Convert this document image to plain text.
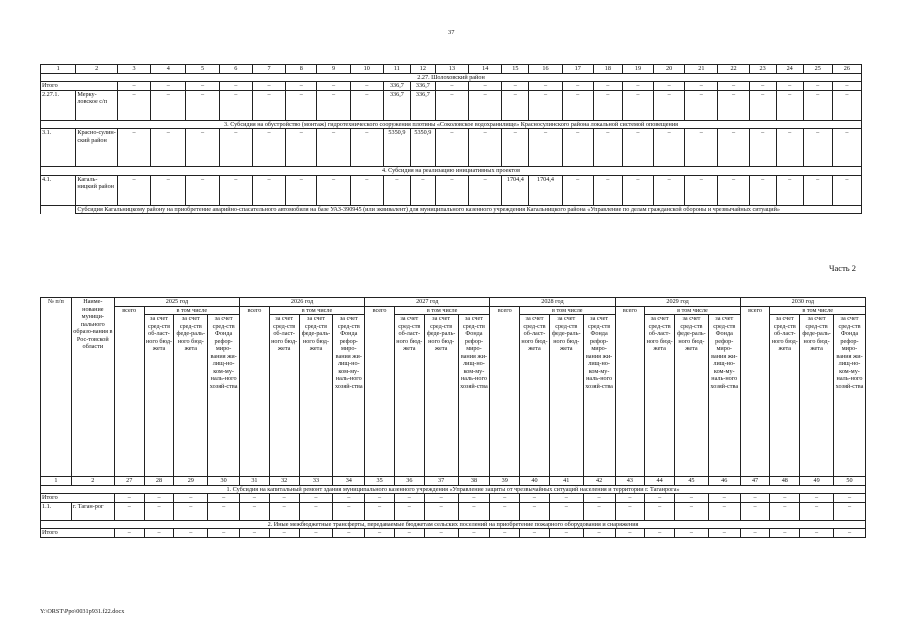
37
1	2	3	4	5	6	7	8	9	10	11	12	13	14	15	16	17	18	19	20	21	22	23	24	25	26
2.27. Шолоховский район																									
Итого		–	–	–	–	–	–	–	–	336,7	336,7	–	–	–	–	–	–	–	–	–	–	–	–	–	–
2.27.1.	Мерку-ловское с/п	–	–	–	–	–	–	–	–	336,7	336,7	–	–	–	–	–	–	–	–	–	–	–	–	–	–
3. Субсидия на обустройство (монтаж) гидротехнического сооружения плотины «Соколовское водохранилище» Красносулинского района локальной системой оповещения																									
3.1.	Красно-сулин-ский район	–	–	–	–	–	–	–	–	5350,9	5350,9	–	–	–	–	–	–	–	–	–	–	–	–	–	–
4. Субсидия на реализацию инициативных проектов																									
4.1.	Кагаль-ницкий район	–	–	–	–	–	–	–	–	–	–	–	–	1704,4	1704,4	–	–	–	–	–	–	–	–	–	–
	Субсидия Кагальницкому району на приобретение аварийно-спасательного автомобиля на базе УАЗ-390945 (или эквивалент) для муниципального казенного учреждения Кагальницкого района «Управление по делам гражданской обороны и чрезвычайных ситуаций»																								
Часть 2
№ п/п	Наиме-нование муници-пального образо-вания в Рос-товской области	2025 год				2026 год				2027 год				2028 год				2029 год				2030 год			
		всего	в том числе			всего	в том числе			всего	в том числе			всего	в том числе			всего	в том числе			всего	в том числе		
			за счет сред-ств об-ласт-ного бюд-жета	за счет сред-ств феде-раль-ного бюд-жета	за счет сред-ств Фонда рефор-миро-вания жи-лищ-но-ком-му-наль-ного хозяй-ства		за счет сред-ств об-ласт-ного бюд-жета	за счет сред-ств феде-раль-ного бюд-жета	за счет сред-ств Фонда рефор-миро-вания жи-лищ-но-ком-му-наль-ного хозяй-ства		за счет сред-ств об-ласт-ного бюд-жета	за счет сред-ств феде-раль-ного бюд-жета	за счет сред-ств Фонда рефор-миро-вания жи-лищ-но-ком-му-наль-ного хозяй-ства		за счет сред-ств об-ласт-ного бюд-жета	за счет сред-ств феде-раль-ного бюд-жета	за счет сред-ств Фонда рефор-миро-вания жи-лищ-но-ком-му-наль-ного хозяй-ства		за счет сред-ств об-ласт-ного бюд-жета	за счет сред-ств феде-раль-ного бюд-жета	за счет сред-ств Фонда рефор-миро-вания жи-лищ-но-ком-му-наль-ного хозяй-ства		за счет сред-ств об-ласт-ного бюд-жета	за счет сред-ств феде-раль-ного бюд-жета	за счет сред-ств Фонда рефор-миро-вания жи-лищ-но-ком-му-наль-ного хозяй-ства
1	2	27	28	29	30	31	32	33	34	35	36	37	38	39	40	41	42	43	44	45	46	47	48	49	50
1. Субсидия на капитальный ремонт здания муниципального казенного учреждения «Управление защиты от чрезвычайных ситуаций населения и территории г. Таганрога»																									
Итого		–	–	–	–	–	–	–	–	–	–	–	–	–	–	–	–	–	–	–	–	–	–	–	–
1.1.	г. Таган-рог	–	–	–	–	–	–	–	–	–	–	–	–	–	–	–	–	–	–	–	–	–	–	–	–
2. Иные межбюджетные трансферты, передаваемые бюджетам сельских поселений на приобретение пожарного оборудования и снаряжения																									
Итого		–	–	–	–	–	–	–	–	–	–	–	–	–	–	–	–	–	–	–	–	–	–	–	–
Y:\ORST\Ppo\0031p931.f22.docx
